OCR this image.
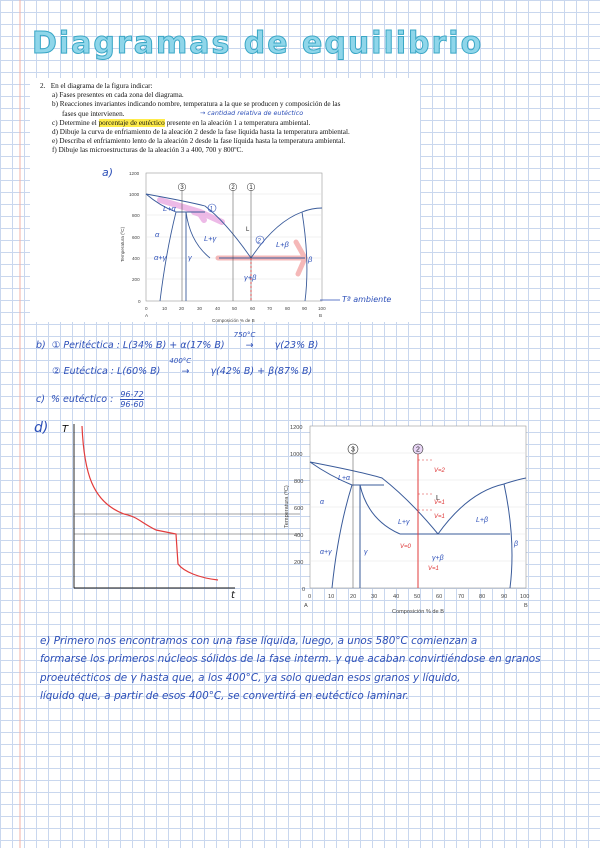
Diagramas de equilibrio
2. En el diagrama de la figura indicar:
a) Fases presentes en cada zona del diagrama.
b) Reacciones invariantes indicando nombre, temperatura a la que se producen y composición de las
fases que intervienen.
c) Determine el porcentaje de eutéctico presente en la aleación 1 a temperatura ambiental.
d) Dibuje la curva de enfriamiento de la aleación 2 desde la fase líquida hasta la temperatura ambiental.
e) Describa el enfriamiento lento de la aleación 2 desde la fase líquida hasta la temperatura ambiental.
f) Dibuje las microestructuras de la aleación 3 a 400, 700 y 800ºC.
→ cantidad relativa de eutéctico
a)	1200
1000
800
600
400
200
0
0	10	20	30	40	50	60	70	80	90 100
A	B
Composición % de B
Temperatura (ºC)
3	2 1
L
L+α	1
α	L+γ	2 L+β
α+γ	γ	β
γ+β
Tª ambiente
b) ① Peritéctica : L(34% B) + α(17% B)
750°C
→ γ(23% B)
② Eutéctica : L(60% B)
400°C
→ γ(42% B) + β(87% B)
c) % eutéctico : $\frac{96-72}{96-60}$
d) T
t
1200
1000
800
600
400
200
0
0	10	20	30	40	50	60	70	80	90 100
A	B
Composición % de B
Temperatura (ºC)
3	2
L
L+α
α
L+γ	L+β
α+γ	γ
β
γ+β
V=2
V=1
V=1
V=0
V=1
e) Primero nos encontramos con una fase líquida, luego, a unos 580°C comienzan a
formarse los primeros núcleos sólidos de la fase interm. γ que acaban convirtiéndose en granos
proeutécticos de γ hasta que, a los 400°C, ya solo quedan esos granos y líquido,
líquido que, a partir de esos 400°C, se convertirá en eutéctico laminar.
